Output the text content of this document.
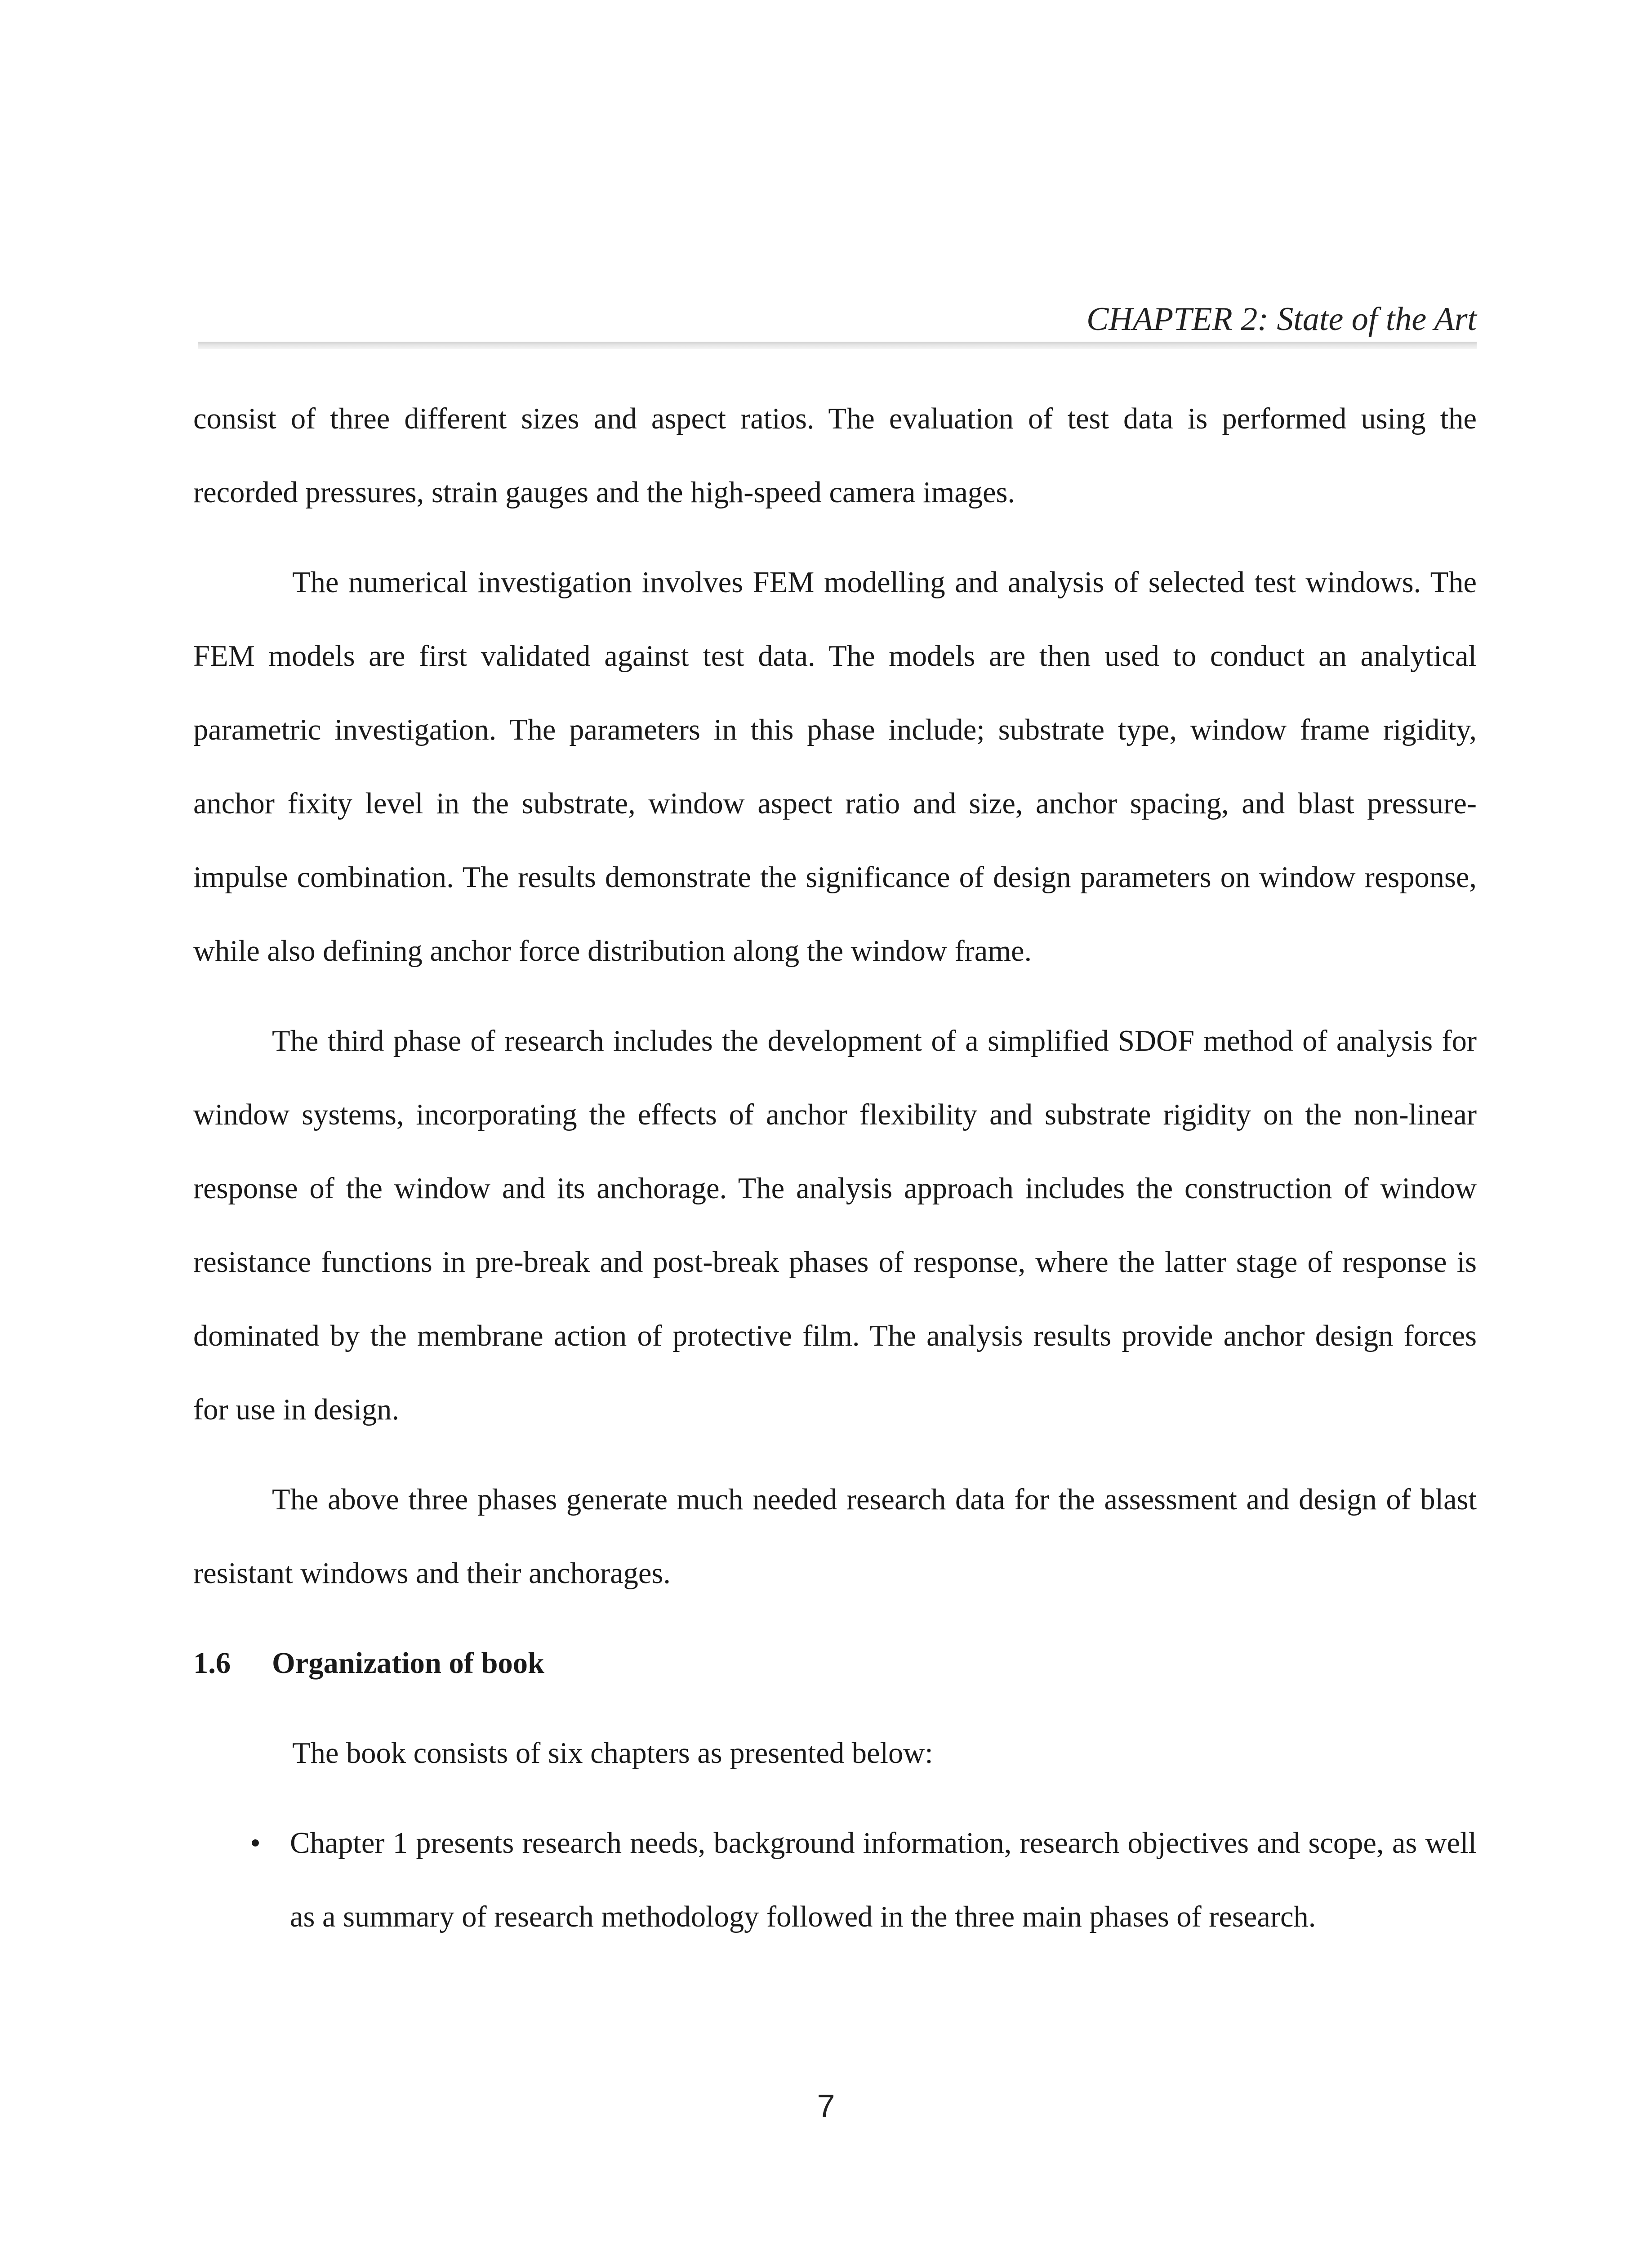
CHAPTER 2: State of the Art

consist of three different sizes and aspect ratios. The evaluation of test data is performed using the recorded pressures, strain gauges and the high-speed camera images.

The numerical investigation involves FEM modelling and analysis of selected test windows. The FEM models are first validated against test data. The models are then used to conduct an analytical parametric investigation. The parameters in this phase include; substrate type, window frame rigidity, anchor fixity level in the substrate, window aspect ratio and size, anchor spacing, and blast pressure-impulse combination. The results demonstrate the significance of design parameters on window response, while also defining anchor force distribution along the window frame.

The third phase of research includes the development of a simplified SDOF method of analysis for window systems, incorporating the effects of anchor flexibility and substrate rigidity on the non-linear response of the window and its anchorage. The analysis approach includes the construction of window resistance functions in pre-break and post-break phases of response, where the latter stage of response is dominated by the membrane action of protective film. The analysis results provide anchor design forces for use in design.

The above three phases generate much needed research data for the assessment and design of blast resistant windows and their anchorages.

1.6	Organization of book

The book consists of six chapters as presented below:

• Chapter 1 presents research needs, background information, research objectives and scope, as well as a summary of research methodology followed in the three main phases of research.
7
